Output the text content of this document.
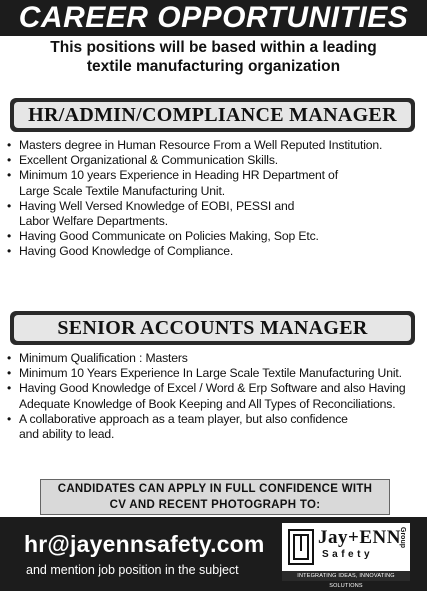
CAREER OPPORTUNITIES
This positions will be based within a leading
textile manufacturing organization
HR/ADMIN/COMPLIANCE MANAGER
• Masters degree in Human Resource From a Well Reputed Institution.
• Excellent Organizational & Communication Skills.
• Minimum 10 years Experience in Heading HR Department of
Large Scale Textile Manufacturing Unit.
• Having Well Versed Knowledge of EOBI, PESSI and
Labor Welfare Departments.
• Having Good Communicate on Policies Making, Sop Etc.
• Having Good Knowledge of Compliance.
SENIOR ACCOUNTS MANAGER
• Minimum Qualification : Masters
• Minimum 10 Years Experience In Large Scale Textile Manufacturing Unit.
• Having Good Knowledge of Excel / Word & Erp Software and also Having
Adequate Knowledge of Book Keeping and All Types of Reconciliations.
• A collaborative approach as a team player, but also confidence
and ability to lead.
CANDIDATES CAN APPLY IN FULL CONFIDENCE WITH
CV AND RECENT PHOTOGRAPH TO:
hr@jayennsafety.com
and mention job position in the subject
Jay+ENN
Safety
Group
INTEGRATING IDEAS, INNOVATING SOLUTIONS
